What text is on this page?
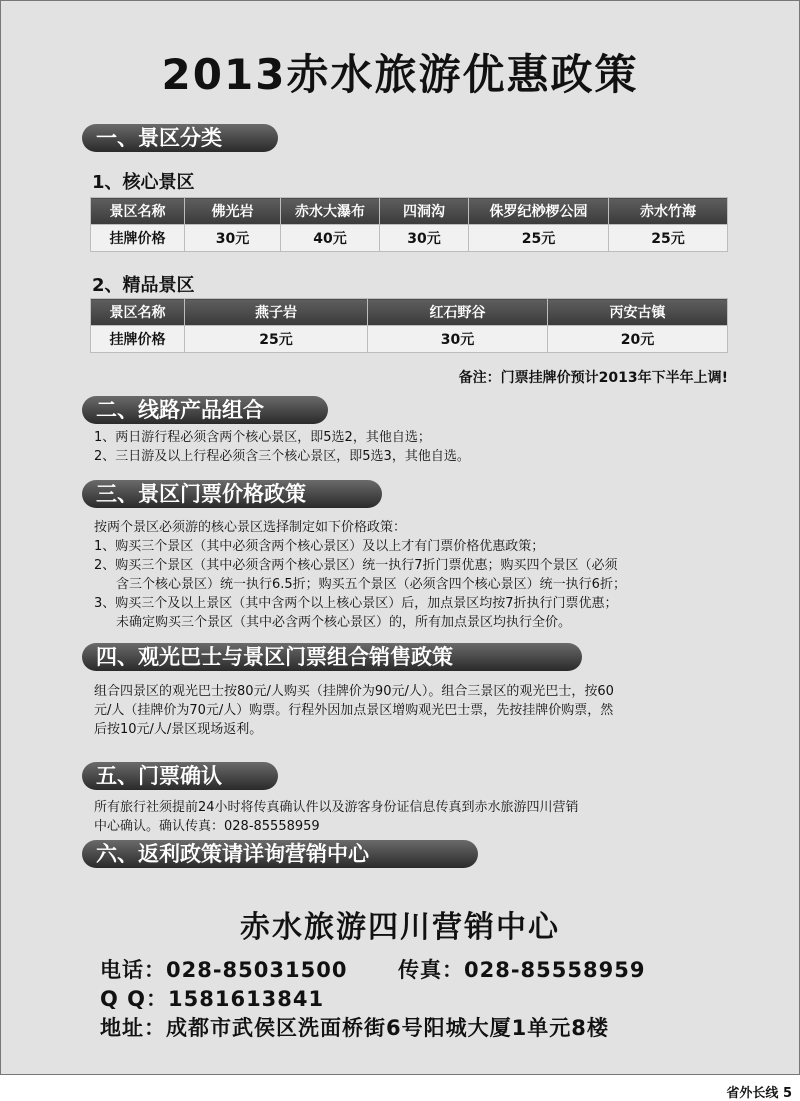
2013赤水旅游优惠政策
一、景区分类
1、核心景区
景区名称	佛光岩	赤水大瀑布	四洞沟	侏罗纪桫椤公园	赤水竹海
挂牌价格	30元	40元	30元	25元	25元
2、精品景区
景区名称	燕子岩	红石野谷	丙安古镇
挂牌价格	25元	30元	20元
备注：门票挂牌价预计2013年下半年上调!
二、线路产品组合

1、两日游行程必须含两个核心景区，即5选2，其他自选；

2、三日游及以上行程必须含三个核心景区，即5选3，其他自选。

三、景区门票价格政策

按两个景区必须游的核心景区选择制定如下价格政策：

1、购买三个景区（其中必须含两个核心景区）及以上才有门票价格优惠政策；

2、购买三个景区（其中必须含两个核心景区）统一执行7折门票优惠；购买四个景区（必须

含三个核心景区）统一执行6.5折；购买五个景区（必须含四个核心景区）统一执行6折；

3、购买三个及以上景区（其中含两个以上核心景区）后，加点景区均按7折执行门票优惠；

未确定购买三个景区（其中必含两个核心景区）的，所有加点景区均执行全价。

四、观光巴士与景区门票组合销售政策

组合四景区的观光巴士按80元/人购买（挂牌价为90元/人）。组合三景区的观光巴士，按60

元/人（挂牌价为70元/人）购票。行程外因加点景区增购观光巴士票，先按挂牌价购票，然

后按10元/人/景区现场返利。

五、门票确认

所有旅行社须提前24小时将传真确认件以及游客身份证信息传真到赤水旅游四川营销

中心确认。确认传真：028-85558959

六、返利政策请详询营销中心
赤水旅游四川营销中心
电话：028-85031500 传真：028-85558959
Q Q：1581613841
地址：成都市武侯区洗面桥街6号阳城大厦1单元8楼
省外长线 5
